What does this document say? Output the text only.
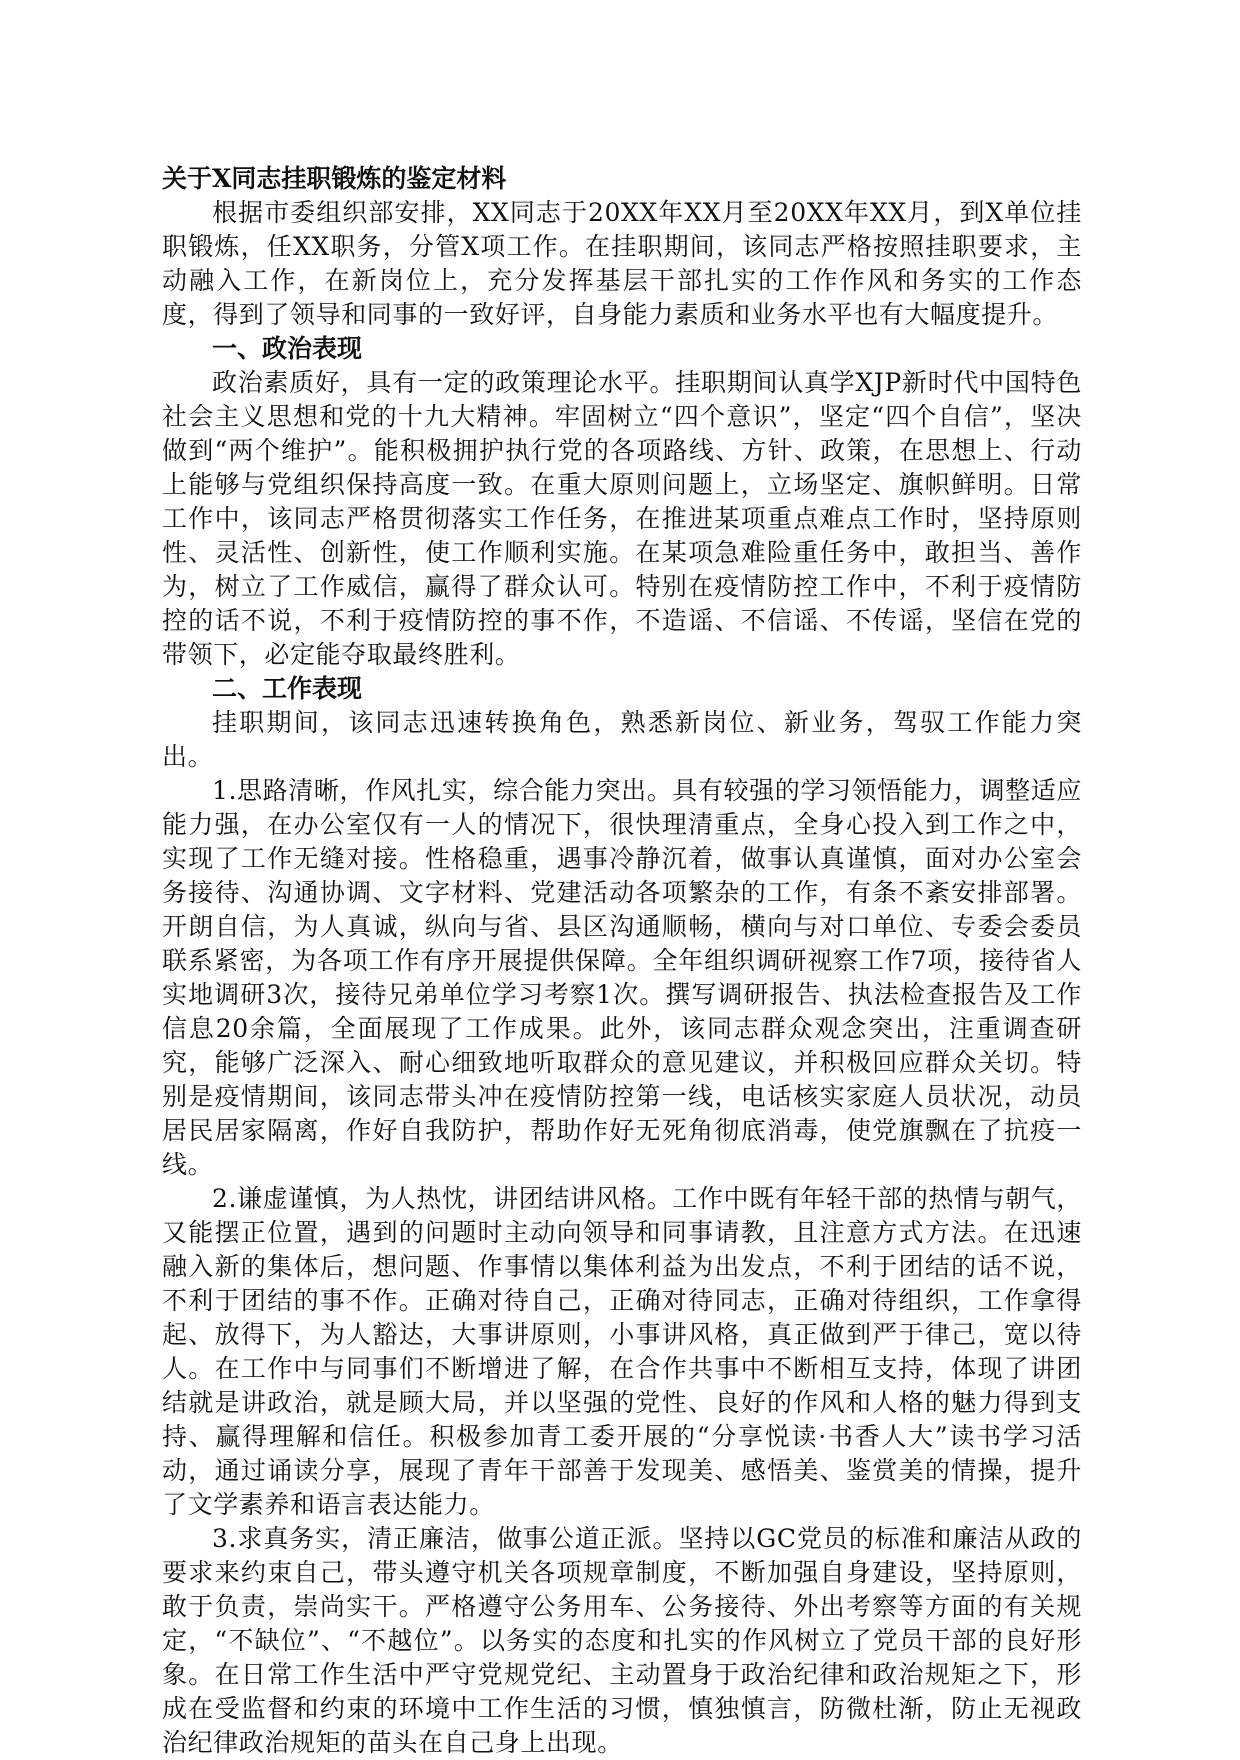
关于X同志挂职锻炼的鉴定材料

根据市委组织部安排，XX同志于20XX年XX月至20XX年XX月，到X单位挂职锻炼，任XX职务，分管X项工作。在挂职期间，该同志严格按照挂职要求，主动融入工作，在新岗位上，充分发挥基层干部扎实的工作作风和务实的工作态度，得到了领导和同事的一致好评，自身能力素质和业务水平也有大幅度提升。

一、政治表现

政治素质好，具有一定的政策理论水平。挂职期间认真学XJP新时代中国特色社会主义思想和党的十九大精神。牢固树立“四个意识”，坚定“四个自信”，坚决做到“两个维护”。能积极拥护执行党的各项路线、方针、政策，在思想上、行动上能够与党组织保持高度一致。在重大原则问题上，立场坚定、旗帜鲜明。日常工作中，该同志严格贯彻落实工作任务，在推进某项重点难点工作时，坚持原则性、灵活性、创新性，使工作顺利实施。在某项急难险重任务中，敢担当、善作为，树立了工作威信，赢得了群众认可。特别在疫情防控工作中，不利于疫情防控的话不说，不利于疫情防控的事不作，不造谣、不信谣、不传谣，坚信在党的带领下，必定能夺取最终胜利。

二、工作表现

挂职期间，该同志迅速转换角色，熟悉新岗位、新业务，驾驭工作能力突出。

1.思路清晰，作风扎实，综合能力突出。具有较强的学习领悟能力，调整适应能力强，在办公室仅有一人的情况下，很快理清重点，全身心投入到工作之中，实现了工作无缝对接。性格稳重，遇事冷静沉着，做事认真谨慎，面对办公室会务接待、沟通协调、文字材料、党建活动各项繁杂的工作，有条不紊安排部署。开朗自信，为人真诚，纵向与省、县区沟通顺畅，横向与对口单位、专委会委员联系紧密，为各项工作有序开展提供保障。全年组织调研视察工作7项，接待省人实地调研3次，接待兄弟单位学习考察1次。撰写调研报告、执法检查报告及工作信息20余篇，全面展现了工作成果。此外，该同志群众观念突出，注重调查研究，能够广泛深入、耐心细致地听取群众的意见建议，并积极回应群众关切。特别是疫情期间，该同志带头冲在疫情防控第一线，电话核实家庭人员状况，动员居民居家隔离，作好自我防护，帮助作好无死角彻底消毒，使党旗飘在了抗疫一线。

2.谦虚谨慎，为人热忱，讲团结讲风格。工作中既有年轻干部的热情与朝气，又能摆正位置，遇到的问题时主动向领导和同事请教，且注意方式方法。在迅速融入新的集体后，想问题、作事情以集体利益为出发点，不利于团结的话不说，不利于团结的事不作。正确对待自己，正确对待同志，正确对待组织，工作拿得起、放得下，为人豁达，大事讲原则，小事讲风格，真正做到严于律己，宽以待人。在工作中与同事们不断增进了解，在合作共事中不断相互支持，体现了讲团结就是讲政治，就是顾大局，并以坚强的党性、良好的作风和人格的魅力得到支持、赢得理解和信任。积极参加青工委开展的“分享悦读·书香人大”读书学习活动，通过诵读分享，展现了青年干部善于发现美、感悟美、鉴赏美的情操，提升了文学素养和语言表达能力。

3.求真务实，清正廉洁，做事公道正派。坚持以GC党员的标准和廉洁从政的要求来约束自己，带头遵守机关各项规章制度，不断加强自身建设，坚持原则，敢于负责，崇尚实干。严格遵守公务用车、公务接待、外出考察等方面的有关规定，“不缺位”、“不越位”。以务实的态度和扎实的作风树立了党员干部的良好形象。在日常工作生活中严守党规党纪、主动置身于政治纪律和政治规矩之下，形成在受监督和约束的环境中工作生活的习惯，慎独慎言，防微杜渐，防止无视政治纪律政治规矩的苗头在自己身上出现。
